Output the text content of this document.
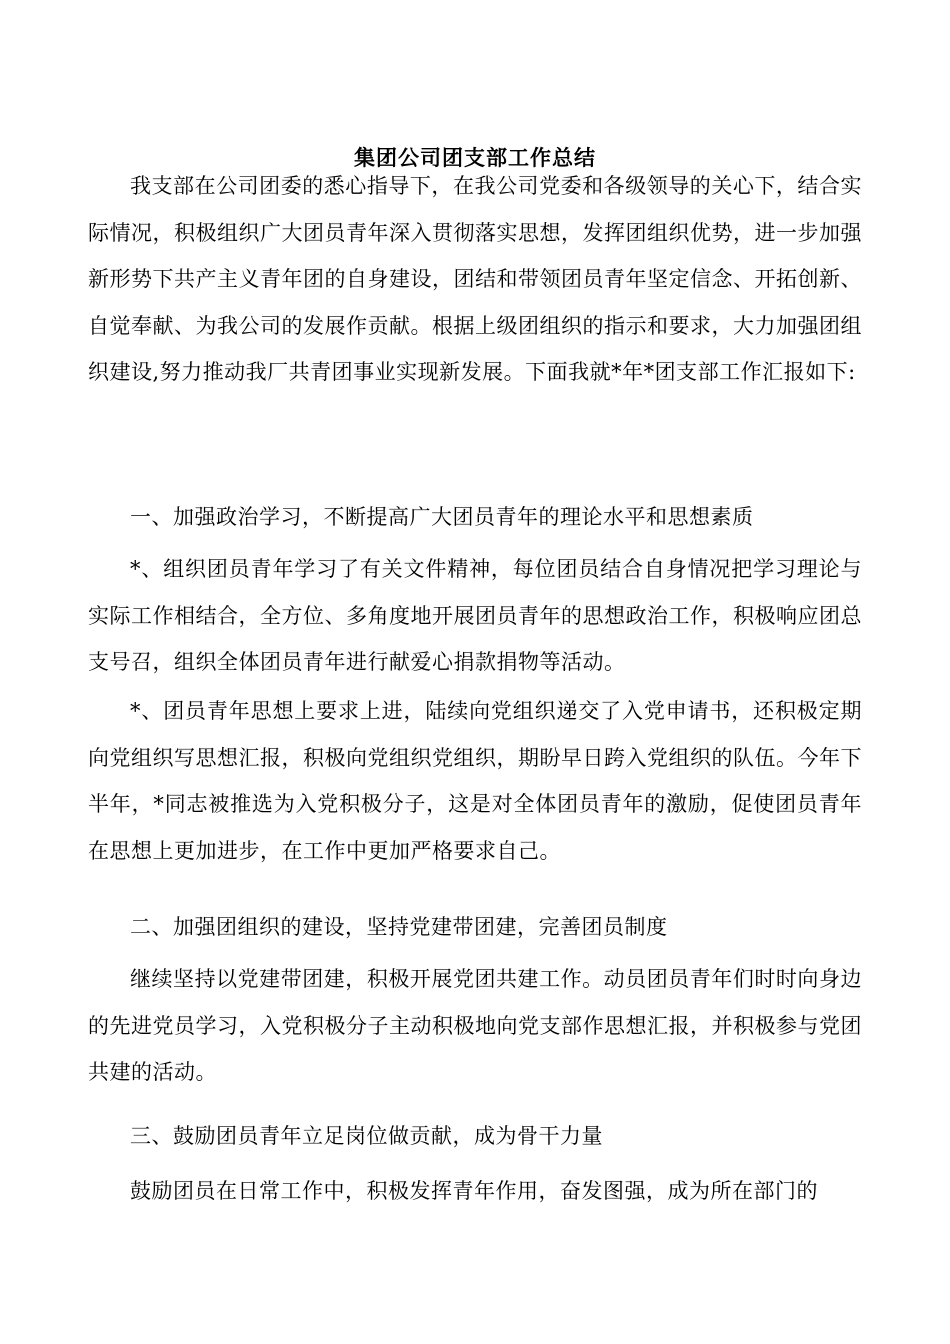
集团公司团支部工作总结

我支部在公司团委的悉心指导下，在我公司党委和各级领导的关心下，结合实际情况，积极组织广大团员青年深入贯彻落实思想，发挥团组织优势，进一步加强新形势下共产主义青年团的自身建设，团结和带领团员青年坚定信念、开拓创新、自觉奉献、为我公司的发展作贡献。根据上级团组织的指示和要求，大力加强团组织建设,努力推动我厂共青团事业实现新发展。下面我就*年*团支部工作汇报如下:

一、加强政治学习，不断提高广大团员青年的理论水平和思想素质

*、组织团员青年学习了有关文件精神，每位团员结合自身情况把学习理论与实际工作相结合，全方位、多角度地开展团员青年的思想政治工作，积极响应团总支号召，组织全体团员青年进行献爱心捐款捐物等活动。

*、团员青年思想上要求上进，陆续向党组织递交了入党申请书，还积极定期向党组织写思想汇报，积极向党组织党组织，期盼早日跨入党组织的队伍。今年下半年，*同志被推选为入党积极分子，这是对全体团员青年的激励，促使团员青年在思想上更加进步，在工作中更加严格要求自己。

二、加强团组织的建设，坚持党建带团建，完善团员制度

继续坚持以党建带团建，积极开展党团共建工作。动员团员青年们时时向身边的先进党员学习，入党积极分子主动积极地向党支部作思想汇报，并积极参与党团共建的活动。

三、鼓励团员青年立足岗位做贡献，成为骨干力量

鼓励团员在日常工作中，积极发挥青年作用，奋发图强，成为所在部门的
